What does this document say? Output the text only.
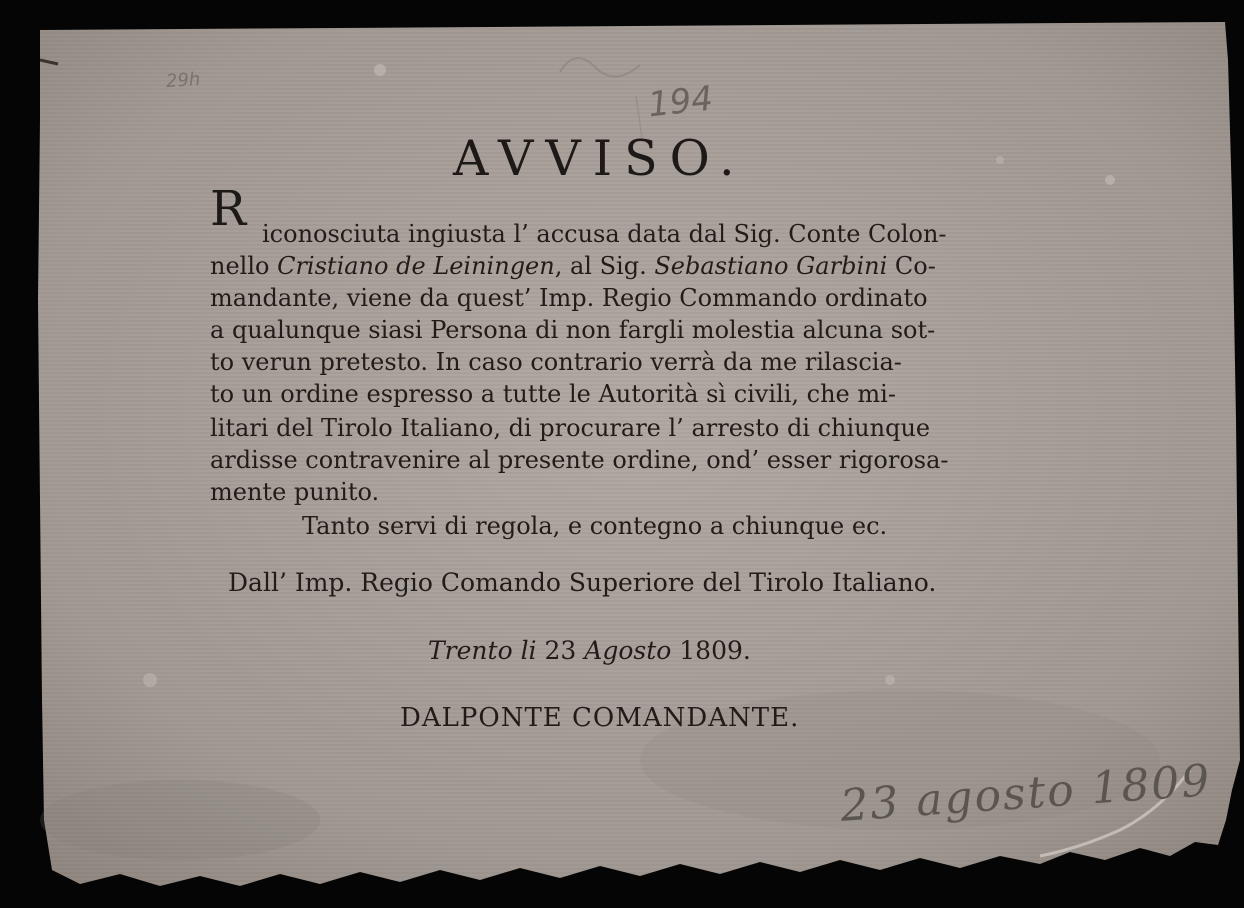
29h	194
AVVISO.
R iconosciuta ingiusta l’ accusa data dal Sig. Conte Colon-
nello Cristiano de Leiningen, al Sig. Sebastiano Garbini Co-
mandante, viene da quest’ Imp. Regio Commando ordinato
a qualunque siasi Persona di non fargli molestia alcuna sot-
to verun pretesto. In caso contrario verrà da me rilascia-
to un ordine espresso a tutte le Autorità sì civili, che mi-
litari del Tirolo Italiano, di procurare l’ arresto di chiunque
ardisse contravenire al presente ordine, ond’ esser rigorosa-
mente punito.
Tanto servi di regola, e contegno a chiunque ec.
Dall’ Imp. Regio Comando Superiore del Tirolo Italiano.
Trento li 23 Agosto 1809.
DALPONTE COMANDANTE.
23 agosto 1809
